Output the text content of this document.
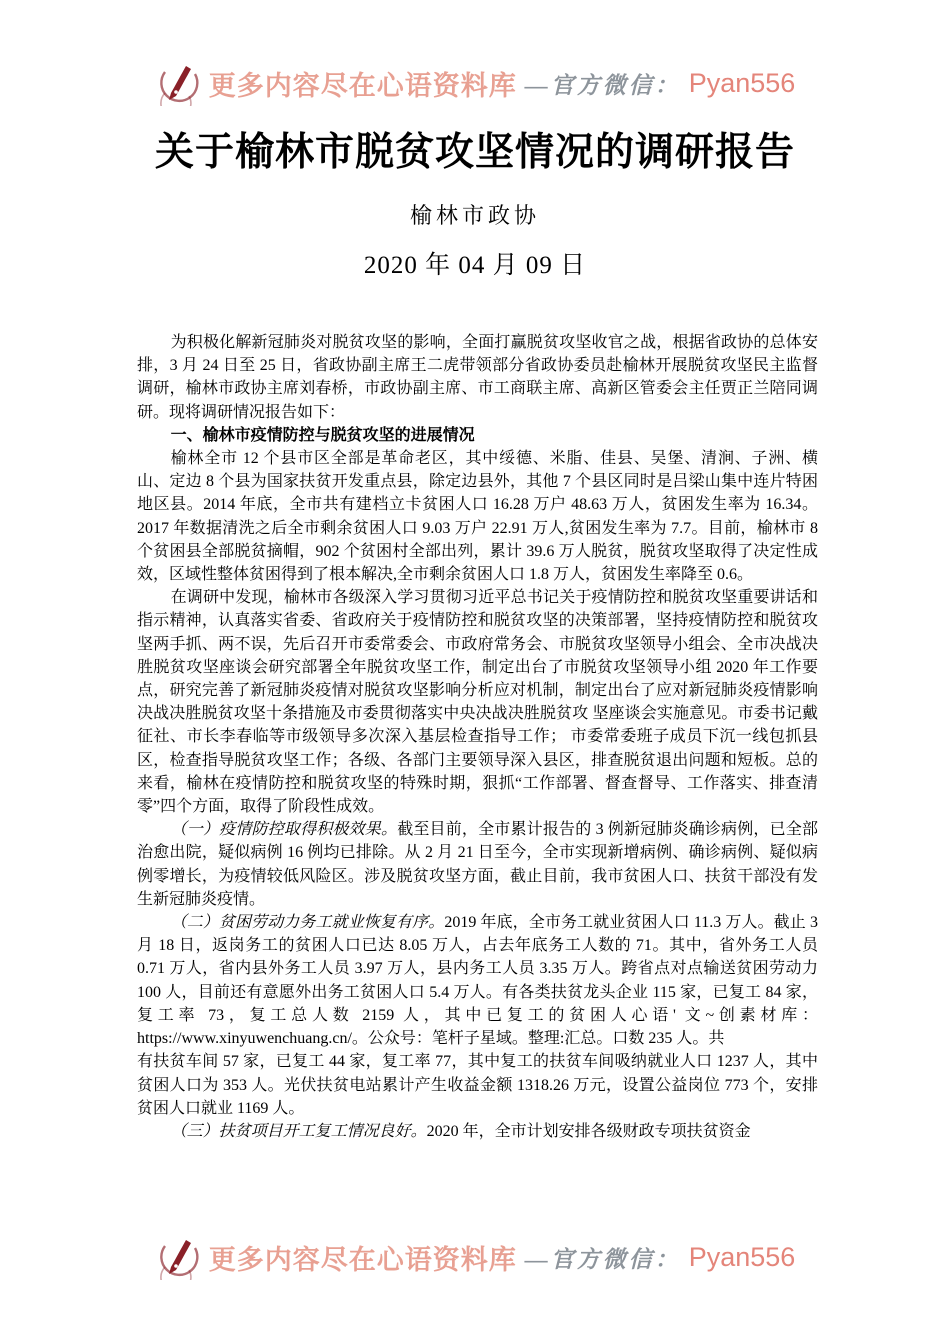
更多内容尽在心语资料库 —官方微信： Pyan556
关于榆林市脱贫攻坚情况的调研报告
榆林市政协
2020 年 04 月 09 日

为积极化解新冠肺炎对脱贫攻坚的影响，全面打赢脱贫攻坚收官之战，根据省政协的总体安排，3 月 24 日至 25 日，省政协副主席王二虎带领部分省政协委员赴榆林开展脱贫攻坚民主监督调研，榆林市政协主席刘春桥，市政协副主席、市工商联主席、高新区管委会主任贾正兰陪同调研。现将调研情况报告如下：

一、榆林市疫情防控与脱贫攻坚的进展情况

榆林全市 12 个县市区全部是革命老区，其中绥德、米脂、佳县、吴堡、清涧、子洲、横山、定边 8 个县为国家扶贫开发重点县，除定边县外，其他 7 个县区同时是吕梁山集中连片特困地区县。2014 年底，全市共有建档立卡贫困人口 16.28 万户 48.63 万人，贫困发生率为 16.34。2017 年数据清洗之后全市剩余贫困人口 9.03 万户 22.91 万人,贫困发生率为 7.7。目前，榆林市 8 个贫困县全部脱贫摘帽，902 个贫困村全部出列，累计 39.6 万人脱贫，脱贫攻坚取得了决定性成效，区域性整体贫困得到了根本解决,全市剩余贫困人口 1.8 万人，贫困发生率降至 0.6。

在调研中发现，榆林市各级深入学习贯彻习近平总书记关于疫情防控和脱贫攻坚重要讲话和指示精神，认真落实省委、省政府关于疫情防控和脱贫攻坚的决策部署，坚持疫情防控和脱贫攻坚两手抓、两不误，先后召开市委常委会、市政府常务会、市脱贫攻坚领导小组会、全市决战决胜脱贫攻坚座谈会研究部署全年脱贫攻坚工作，制定出台了市脱贫攻坚领导小组 2020 年工作要点，研究完善了新冠肺炎疫情对脱贫攻坚影响分析应对机制，制定出台了应对新冠肺炎疫情影响决战决胜脱贫攻坚十条措施及市委贯彻落实中央决战决胜脱贫攻 坚座谈会实施意见。市委书记戴征社、市长李春临等市级领导多次深入基层检查指导工作； 市委常委班子成员下沉一线包抓县区，检查指导脱贫攻坚工作；各级、各部门主要领导深入县区，排查脱贫退出问题和短板。总的来看，榆林在疫情防控和脱贫攻坚的特殊时期，狠抓“工作部署、督查督导、工作落实、排查清零”四个方面，取得了阶段性成效。

（一）疫情防控取得积极效果。截至目前，全市累计报告的 3 例新冠肺炎确诊病例，已全部治愈出院，疑似病例 16 例均已排除。从 2 月 21 日至今，全市实现新增病例、确诊病例、疑似病例零增长，为疫情较低风险区。涉及脱贫攻坚方面，截止目前，我市贫困人口、扶贫干部没有发生新冠肺炎疫情。

（二）贫困劳动力务工就业恢复有序。2019 年底，全市务工就业贫困人口 11.3 万人。截止 3 月 18 日，返岗务工的贫困人口已达 8.05 万人，占去年底务工人数的 71。其中，省外务工人员 0.71 万人，省内县外务工人员 3.97 万人，县内务工人员 3.35 万人。跨省点对点输送贫困劳动力 100 人，目前还有意愿外出务工贫困人口 5.4 万人。有各类扶贫龙头企业 115 家，已复工 84 家，复工率 73，复工总人数 2159 人，其中已复工的贫困人心语' 文~创素材库：https://www.xinyuwenchuang.cn/。公众号：笔杆子星域。整理:汇总。口数 235 人。共

有扶贫车间 57 家，已复工 44 家，复工率 77，其中复工的扶贫车间吸纳就业人口 1237 人，其中贫困人口为 353 人。光伏扶贫电站累计产生收益金额 1318.26 万元，设置公益岗位 773 个，安排贫困人口就业 1169 人。

（三）扶贫项目开工复工情况良好。2020 年，全市计划安排各级财政专项扶贫资金

更多内容尽在心语资料库 —官方微信： Pyan556
